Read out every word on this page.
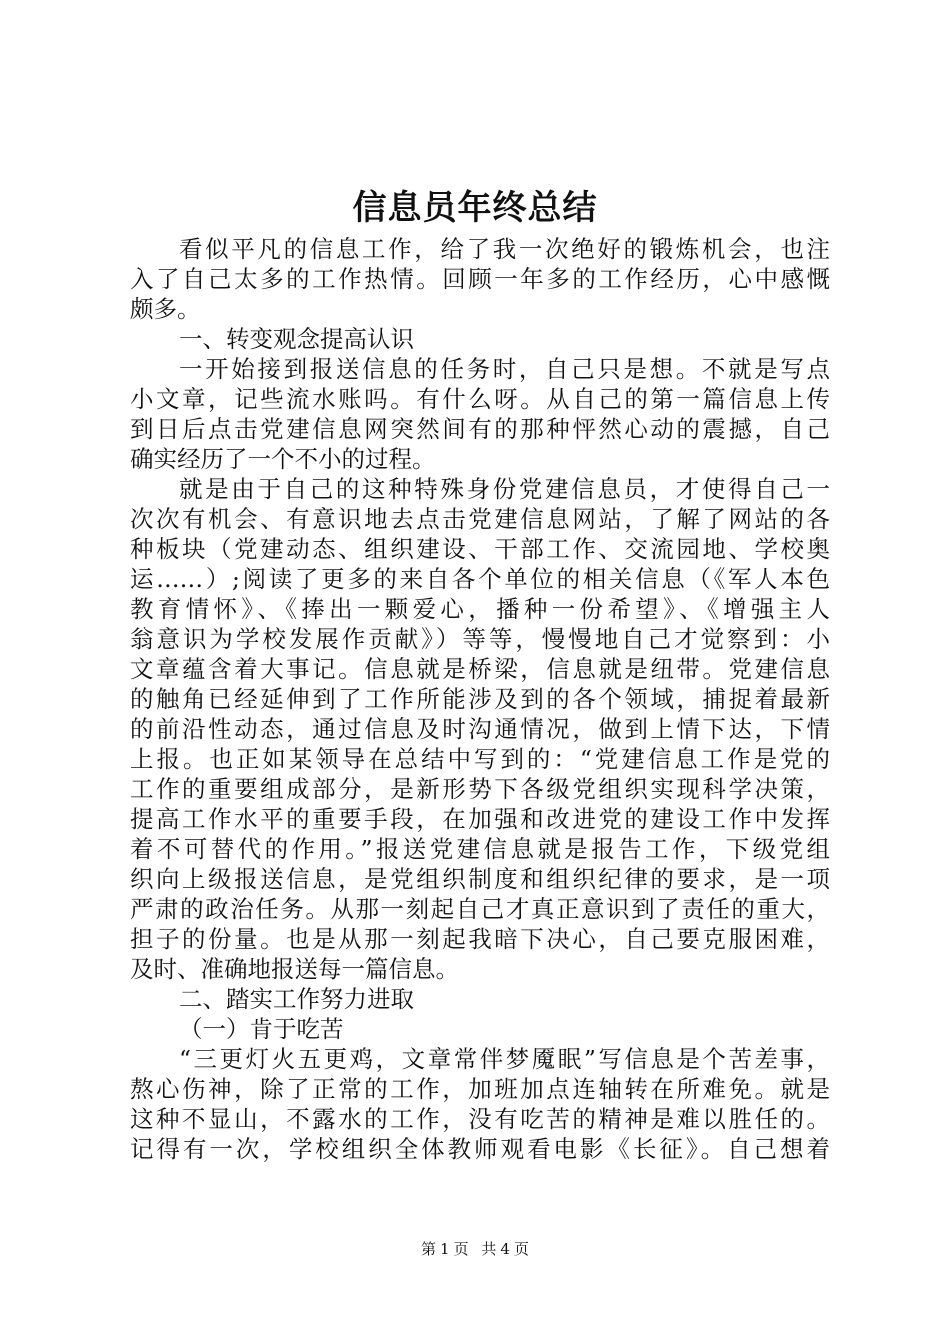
信息员年终总结
看似平凡的信息工作，给了我一次绝好的锻炼机会，也注
入了自己太多的工作热情。回顾一年多的工作经历，心中感慨
颇多。
一、转变观念提高认识
一开始接到报送信息的任务时，自己只是想。不就是写点
小文章，记些流水账吗。有什么呀。从自己的第一篇信息上传
到日后点击党建信息网突然间有的那种怦然心动的震撼，自己
确实经历了一个不小的过程。
就是由于自己的这种特殊身份党建信息员，才使得自己一
次次有机会、有意识地去点击党建信息网站，了解了网站的各
种板块（党建动态、组织建设、干部工作、交流园地、学校奥
运……）;阅读了更多的来自各个单位的相关信息（《军人本色
教育情怀》、《捧出一颗爱心，播种一份希望》、《增强主人
翁意识为学校发展作贡献》）等等，慢慢地自己才觉察到：小
文章蕴含着大事记。信息就是桥梁，信息就是纽带。党建信息
的触角已经延伸到了工作所能涉及到的各个领域，捕捉着最新
的前沿性动态，通过信息及时沟通情况，做到上情下达，下情
上报。也正如某领导在总结中写到的：“党建信息工作是党的
工作的重要组成部分，是新形势下各级党组织实现科学决策，
提高工作水平的重要手段，在加强和改进党的建设工作中发挥
着不可替代的作用。”报送党建信息就是报告工作，下级党组
织向上级报送信息，是党组织制度和组织纪律的要求，是一项
严肃的政治任务。从那一刻起自己才真正意识到了责任的重大，
担子的份量。也是从那一刻起我暗下决心，自己要克服困难，
及时、准确地报送每一篇信息。
二、踏实工作努力进取
（一）肯于吃苦
“三更灯火五更鸡，文章常伴梦魇眠”写信息是个苦差事，
熬心伤神，除了正常的工作，加班加点连轴转在所难免。就是
这种不显山，不露水的工作，没有吃苦的精神是难以胜任的。
记得有一次，学校组织全体教师观看电影《长征》。自己想着
第 1 页 共 4 页
